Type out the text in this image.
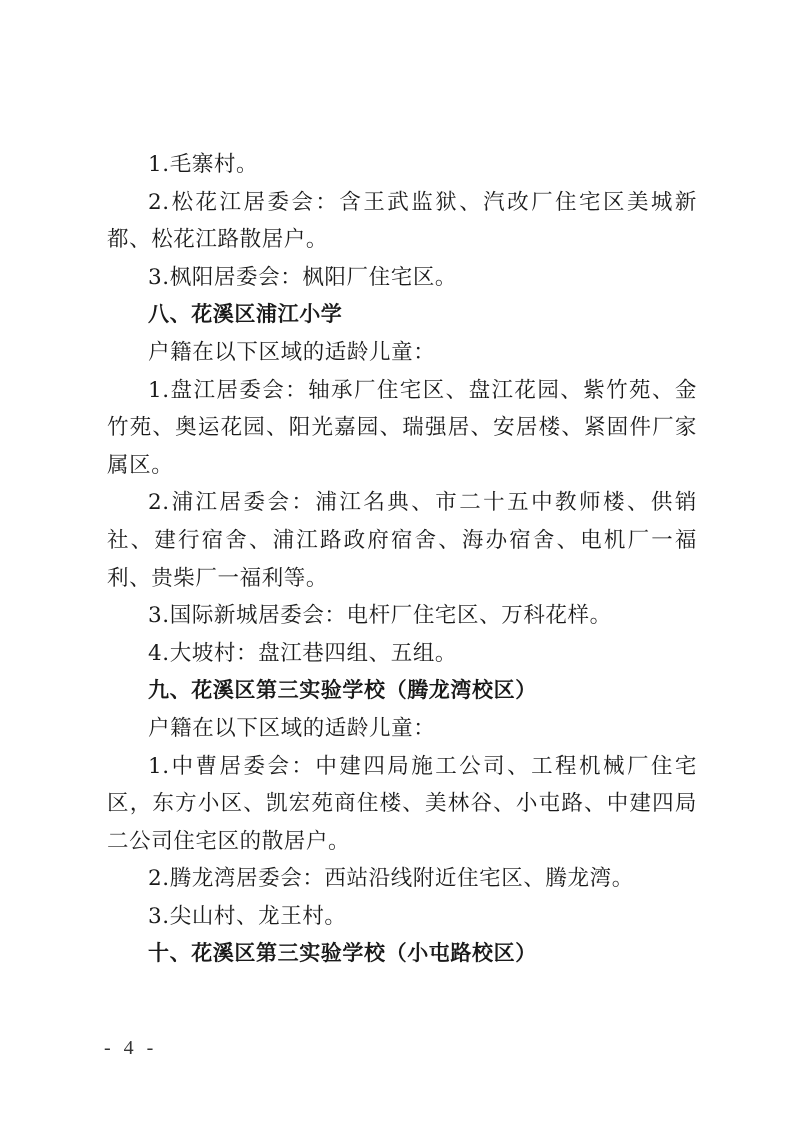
1.毛寨村。

2.松花江居委会：含王武监狱、汽改厂住宅区美城新都、松花江路散居户。

3.枫阳居委会：枫阳厂住宅区。

八、花溪区浦江小学

户籍在以下区域的适龄儿童：

1.盘江居委会：轴承厂住宅区、盘江花园、紫竹苑、金竹苑、奥运花园、阳光嘉园、瑞强居、安居楼、紧固件厂家属区。

2.浦江居委会：浦江名典、市二十五中教师楼、供销社、建行宿舍、浦江路政府宿舍、海办宿舍、电机厂一福利、贵柴厂一福利等。

3.国际新城居委会：电杆厂住宅区、万科花样。

4.大坡村：盘江巷四组、五组。

九、花溪区第三实验学校（腾龙湾校区）

户籍在以下区域的适龄儿童：

1.中曹居委会：中建四局施工公司、工程机械厂住宅区，东方小区、凯宏苑商住楼、美林谷、小屯路、中建四局二公司住宅区的散居户。

2.腾龙湾居委会：西站沿线附近住宅区、腾龙湾。

3.尖山村、龙王村。

十、花溪区第三实验学校（小屯路校区）

- 4 -
